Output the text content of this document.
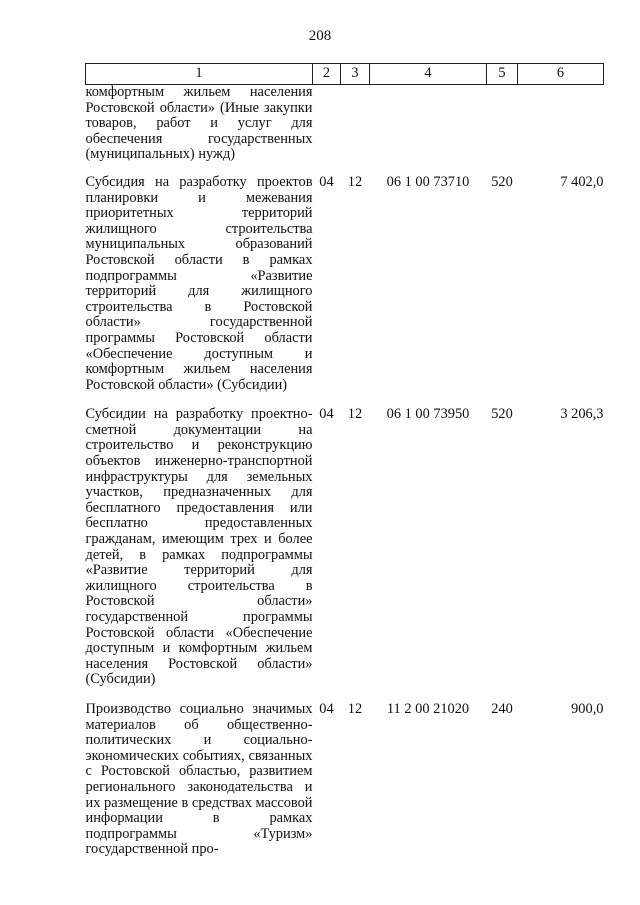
208
1	2	3	4	5	6
комфортным жильем населения Ростовской области» (Иные закупки товаров, работ и услуг для обеспечения государственных (муниципальных) нужд)					
Субсидия на разработку проектов планировки и межевания приоритетных территорий жилищного строительства муниципальных образований Ростовской области в рамках подпрограммы «Развитие территорий для жилищного строительства в Ростовской области» государственной программы Ростовской области «Обеспечение доступным и комфортным жильем населения Ростовской области» (Субсидии)	04	12	06 1 00 73710	520	7 402,0
Субсидии на разработку проектно-сметной документации на строительство и реконструкцию объектов инженерно-транспортной инфраструктуры для земельных участков, предназначенных для бесплатного предоставления или бесплатно предоставленных гражданам, имеющим трех и более детей, в рамках подпрограммы «Развитие территорий для жилищного строительства в Ростовской области» государственной программы Ростовской области «Обеспечение доступным и комфортным жильем населения Ростовской области» (Субсидии)	04	12	06 1 00 73950	520	3 206,3
Производство социально значимых материалов об общественно-политических и социально-экономических событиях, связанных с Ростовской областью, развитием регионального законодательства и их размещение в средствах массовой информации в рамках подпрограммы «Туризм» государственной про-	04	12	11 2 00 21020	240	900,0
